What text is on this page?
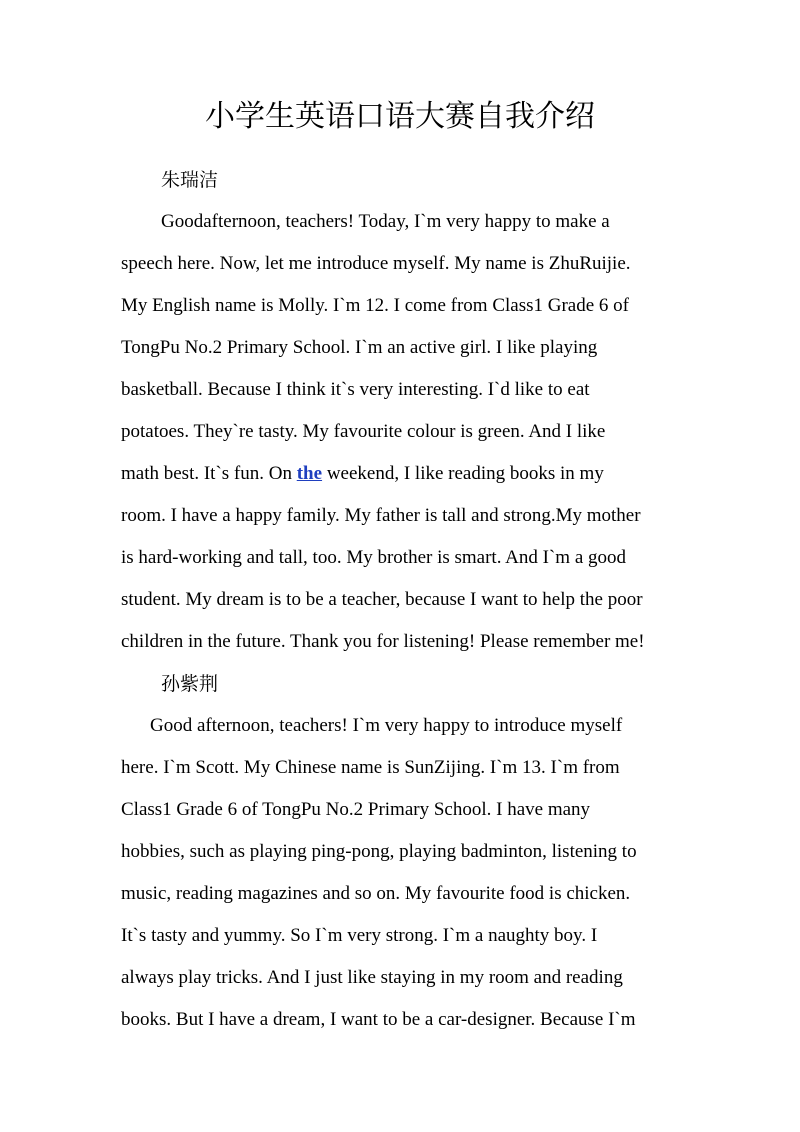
小学生英语口语大赛自我介绍
朱瑞洁
Goodafternoon, teachers! Today, I`m very happy to make a
speech here. Now, let me introduce myself. My name is ZhuRuijie.
My English name is Molly. I`m 12. I come from Class1 Grade 6 of
TongPu No.2 Primary School. I`m an active girl. I like playing
basketball. Because I think it`s very interesting. I`d like to eat
potatoes. They`re tasty. My favourite colour is green. And I like
math best. It`s fun. On the weekend, I like reading books in my
room. I have a happy family. My father is tall and strong.My mother
is hard-working and tall, too. My brother is smart. And I`m a good
student. My dream is to be a teacher, because I want to help the poor
children in the future. Thank you for listening! Please remember me!
孙紫荆
Good afternoon, teachers! I`m very happy to introduce myself
here. I`m Scott. My Chinese name is SunZijing. I`m 13. I`m from
Class1 Grade 6 of TongPu No.2 Primary School. I have many
hobbies, such as playing ping-pong, playing badminton, listening to
music, reading magazines and so on. My favourite food is chicken.
It`s tasty and yummy. So I`m very strong. I`m a naughty boy. I
always play tricks. And I just like staying in my room and reading
books. But I have a dream, I want to be a car-designer. Because I`m
